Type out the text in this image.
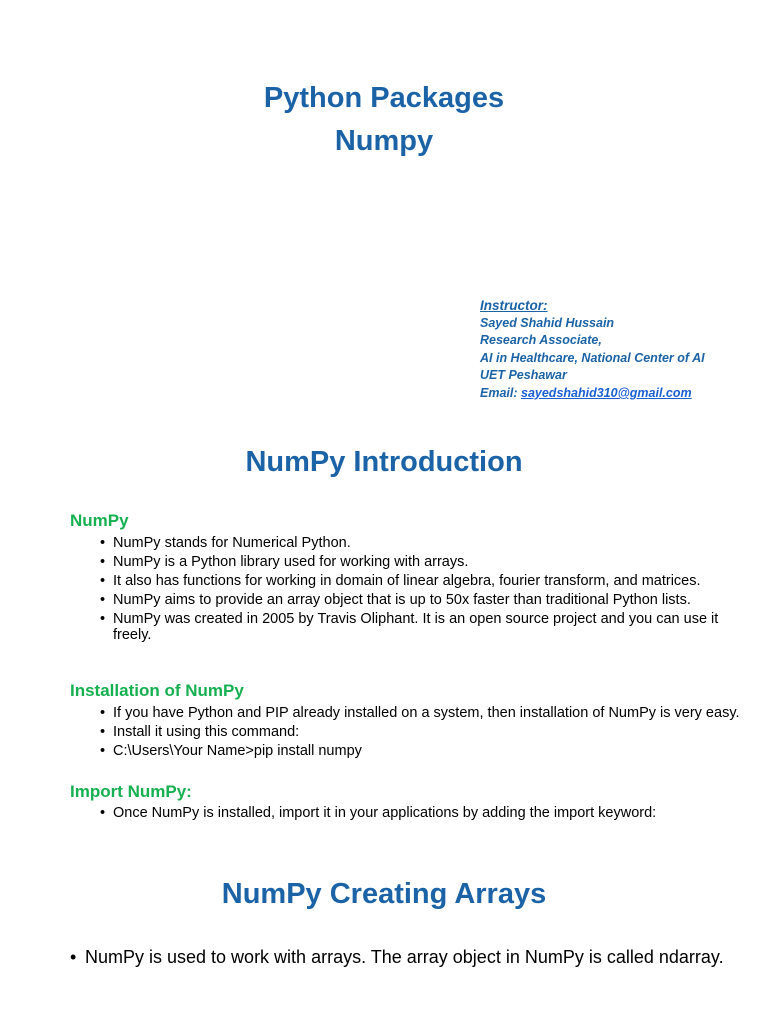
Python Packages
Numpy
Instructor:
Sayed Shahid Hussain
Research Associate,
AI in Healthcare, National Center of AI
UET Peshawar
Email: sayedshahid310@gmail.com
NumPy Introduction
NumPy
• NumPy stands for Numerical Python.
• NumPy is a Python library used for working with arrays.
• It also has functions for working in domain of linear algebra, fourier transform, and matrices.
• NumPy aims to provide an array object that is up to 50x faster than traditional Python lists.
• NumPy was created in 2005 by Travis Oliphant. It is an open source project and you can use it freely.
Installation of NumPy
• If you have Python and PIP already installed on a system, then installation of NumPy is very easy.
• Install it using this command:
• C:\Users\Your Name>pip install numpy
Import NumPy:
• Once NumPy is installed, import it in your applications by adding the import keyword:
NumPy Creating Arrays
• NumPy is used to work with arrays. The array object in NumPy is called ndarray.
